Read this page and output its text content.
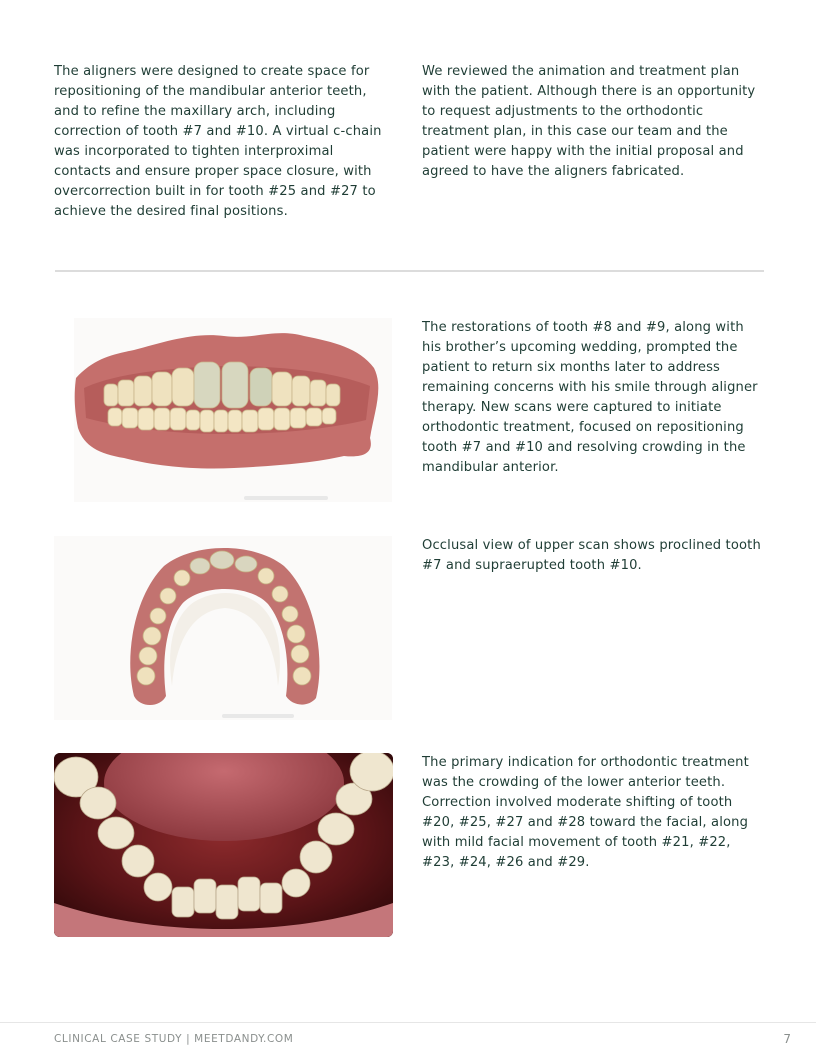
The aligners were designed to create space for repositioning of the mandibular anterior teeth, and to refine the maxillary arch, including correction of tooth #7 and #10. A virtual c-chain was incorporated to tighten interproximal contacts and ensure proper space closure, with overcorrection built in for tooth #25 and #27 to achieve the desired final positions.

We reviewed the animation and treatment plan with the patient. Although there is an opportunity to request adjustments to the orthodontic treatment plan, in this case our team and the patient were happy with the initial proposal and agreed to have the aligners fabricated.

The restorations of tooth #8 and #9, along with his brother’s upcoming wedding, prompted the patient to return six months later to address remaining concerns with his smile through aligner therapy. New scans were captured to initiate orthodontic treatment, focused on repositioning tooth #7 and #10 and resolving crowding in the mandibular anterior.

Occlusal view of upper scan shows proclined tooth #7 and supraerupted tooth #10.

The primary indication for orthodontic treatment was the crowding of the lower anterior teeth. Correction involved moderate shifting of tooth #20, #25, #27 and #28 toward the facial, along with mild facial movement of tooth #21, #22, #23, #24, #26 and #29.

CLINICAL CASE STUDY | MEETDANDY.COM	7
